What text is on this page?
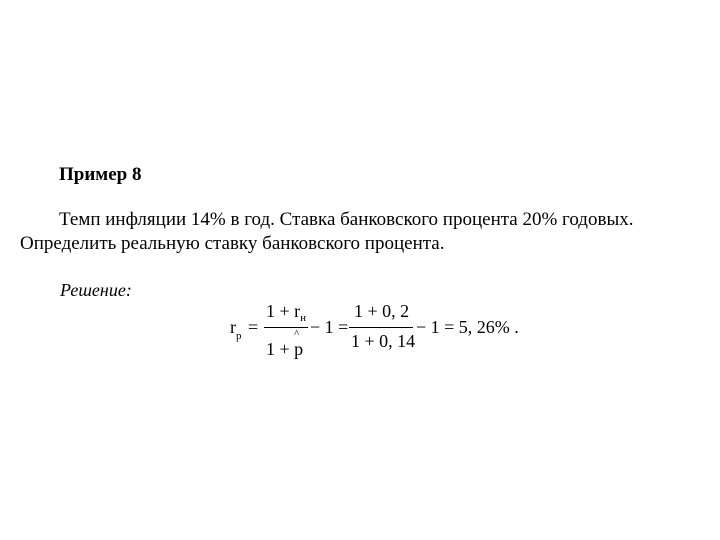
Пример 8
Темп инфляции 14% в год. Ставка банковского процента 20% годовых.
Определить реальную ставку банковского процента.
Решение:
$r_р$ =
$1 + r_н$
^
1 + p
− 1 =
1 + 0, 2
1 + 0, 14
− 1 = 5, 26% .
